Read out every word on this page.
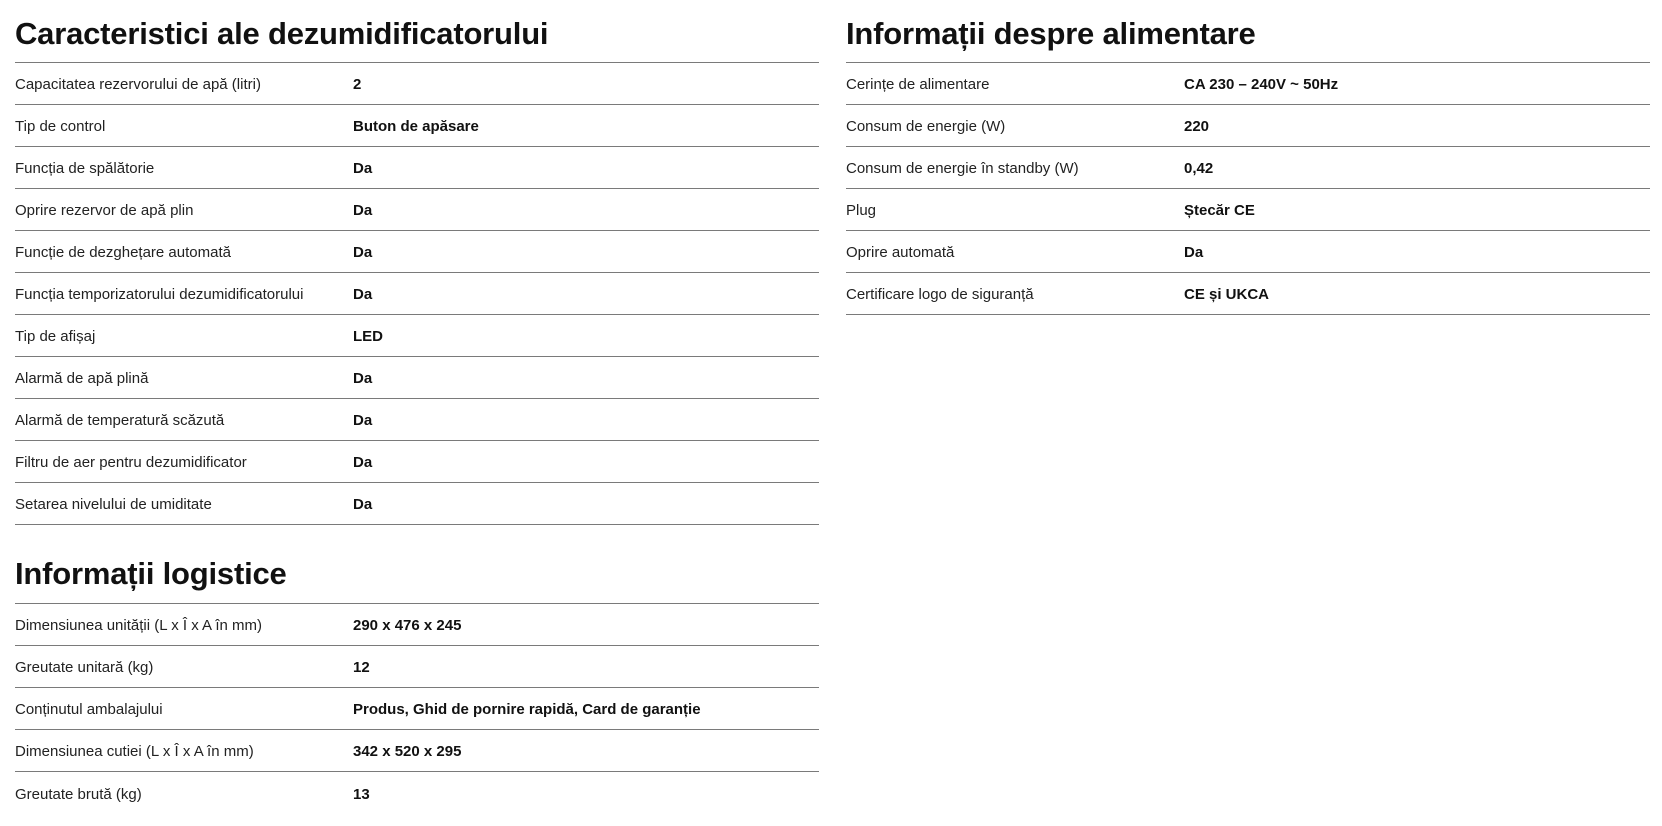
Caracteristici ale dezumidificatorului
Capacitatea rezervorului de apă (litri)	2
Tip de control	Buton de apăsare
Funcția de spălătorie	Da
Oprire rezervor de apă plin	Da
Funcție de dezghețare automată	Da
Funcția temporizatorului dezumidificatorului	Da
Tip de afișaj	LED
Alarmă de apă plină	Da
Alarmă de temperatură scăzută	Da
Filtru de aer pentru dezumidificator	Da
Setarea nivelului de umiditate	Da
Informații logistice
Dimensiunea unității (L x Î x A în mm)	290 x 476 x 245
Greutate unitară (kg)	12
Conținutul ambalajului	Produs, Ghid de pornire rapidă, Card de garanție
Dimensiunea cutiei (L x Î x A în mm)	342 x 520 x 295
Greutate brută (kg)	13
Informații despre alimentare
Cerințe de alimentare	CA 230 – 240V ~ 50Hz
Consum de energie (W)	220
Consum de energie în standby (W)	0,42
Plug	Ștecăr CE
Oprire automată	Da
Certificare logo de siguranță	CE și UKCA
